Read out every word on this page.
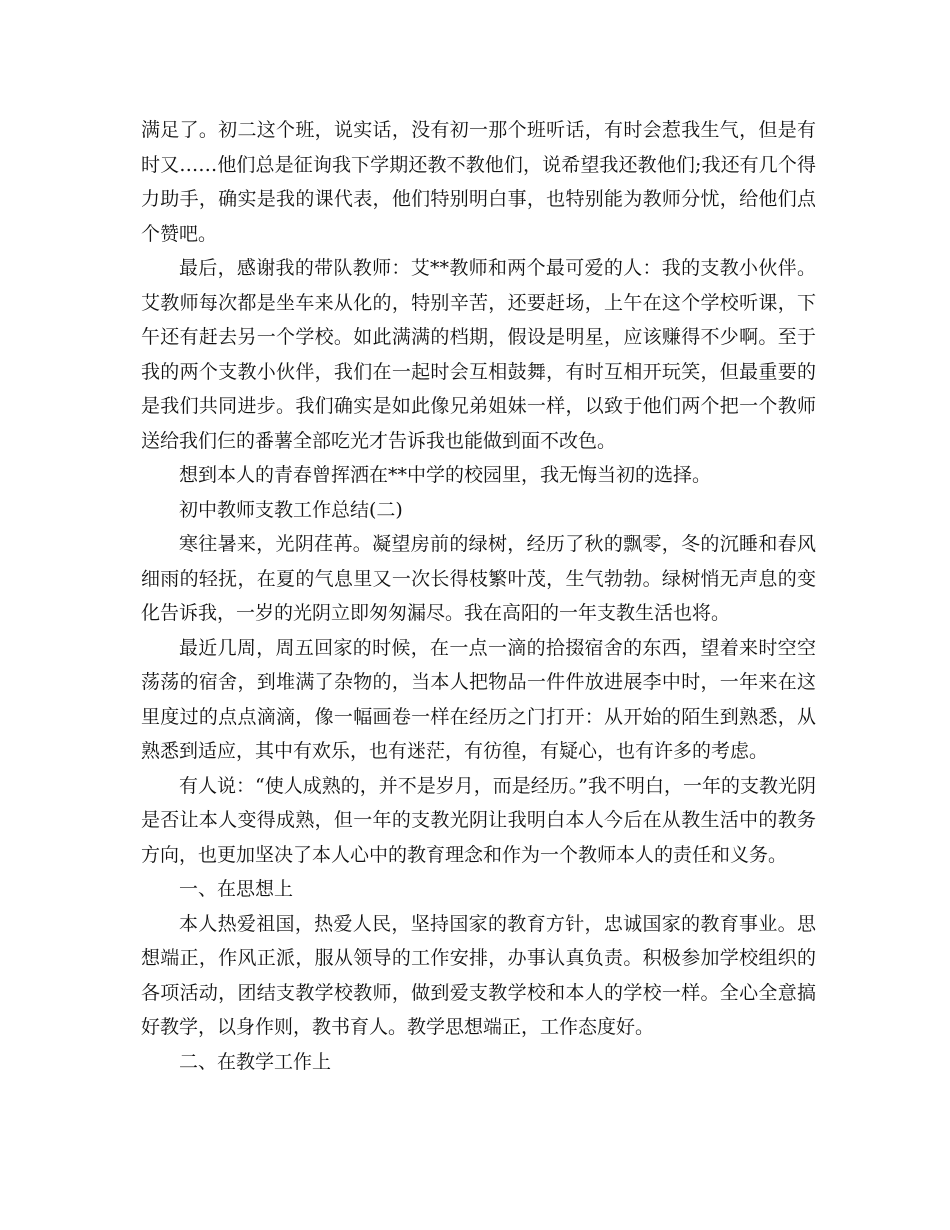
满足了。初二这个班，说实话，没有初一那个班听话，有时会惹我生气，但是有时又……他们总是征询我下学期还教不教他们，说希望我还教他们;我还有几个得力助手，确实是我的课代表，他们特别明白事，也特别能为教师分忧，给他们点个赞吧。

最后，感谢我的带队教师：艾**教师和两个最可爱的人：我的支教小伙伴。艾教师每次都是坐车来从化的，特别辛苦，还要赶场，上午在这个学校听课，下午还有赶去另一个学校。如此满满的档期，假设是明星，应该赚得不少啊。至于我的两个支教小伙伴，我们在一起时会互相鼓舞，有时互相开玩笑，但最重要的是我们共同进步。我们确实是如此像兄弟姐妹一样，以致于他们两个把一个教师送给我们仨的番薯全部吃光才告诉我也能做到面不改色。

想到本人的青春曾挥洒在**中学的校园里，我无悔当初的选择。

初中教师支教工作总结(二)

寒往暑来，光阴荏苒。凝望房前的绿树，经历了秋的飘零，冬的沉睡和春风细雨的轻抚，在夏的气息里又一次长得枝繁叶茂，生气勃勃。绿树悄无声息的变化告诉我，一岁的光阴立即匆匆漏尽。我在高阳的一年支教生活也将。

最近几周，周五回家的时候，在一点一滴的拾掇宿舍的东西，望着来时空空荡荡的宿舍，到堆满了杂物的，当本人把物品一件件放进展李中时，一年来在这里度过的点点滴滴，像一幅画卷一样在经历之门打开：从开始的陌生到熟悉，从熟悉到适应，其中有欢乐，也有迷茫，有彷徨，有疑心，也有许多的考虑。

有人说：“使人成熟的，并不是岁月，而是经历。”我不明白，一年的支教光阴是否让本人变得成熟，但一年的支教光阴让我明白本人今后在从教生活中的教务方向，也更加坚决了本人心中的教育理念和作为一个教师本人的责任和义务。

一、在思想上

本人热爱祖国，热爱人民，坚持国家的教育方针，忠诚国家的教育事业。思想端正，作风正派，服从领导的工作安排，办事认真负责。积极参加学校组织的各项活动，团结支教学校教师，做到爱支教学校和本人的学校一样。全心全意搞好教学，以身作则，教书育人。教学思想端正，工作态度好。

二、在教学工作上
